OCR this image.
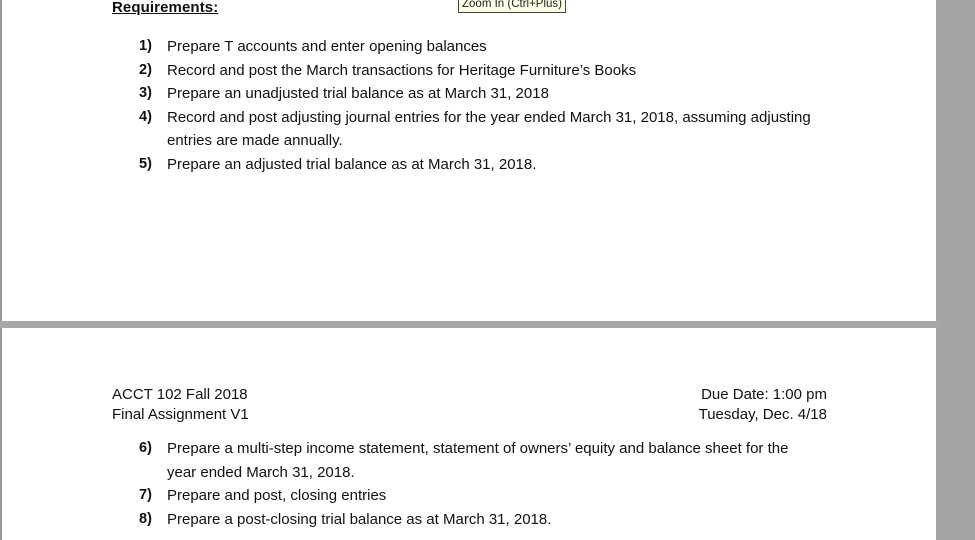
Requirements:
1) Prepare T accounts and enter opening balances
2) Record and post the March transactions for Heritage Furniture’s Books
3) Prepare an unadjusted trial balance as at March 31, 2018
4) Record and post adjusting journal entries for the year ended March 31, 2018, assuming adjusting entries are made annually.
5) Prepare an adjusted trial balance as at March 31, 2018.
ACCT 102 Fall 2018
Final Assignment V1
Due Date: 1:00 pm
Tuesday, Dec. 4/18
6) Prepare a multi-step income statement, statement of owners’ equity and balance sheet for the year ended March 31, 2018.
7) Prepare and post, closing entries
8) Prepare a post-closing trial balance as at March 31, 2018.
Zoom In (Ctrl+Plus)
